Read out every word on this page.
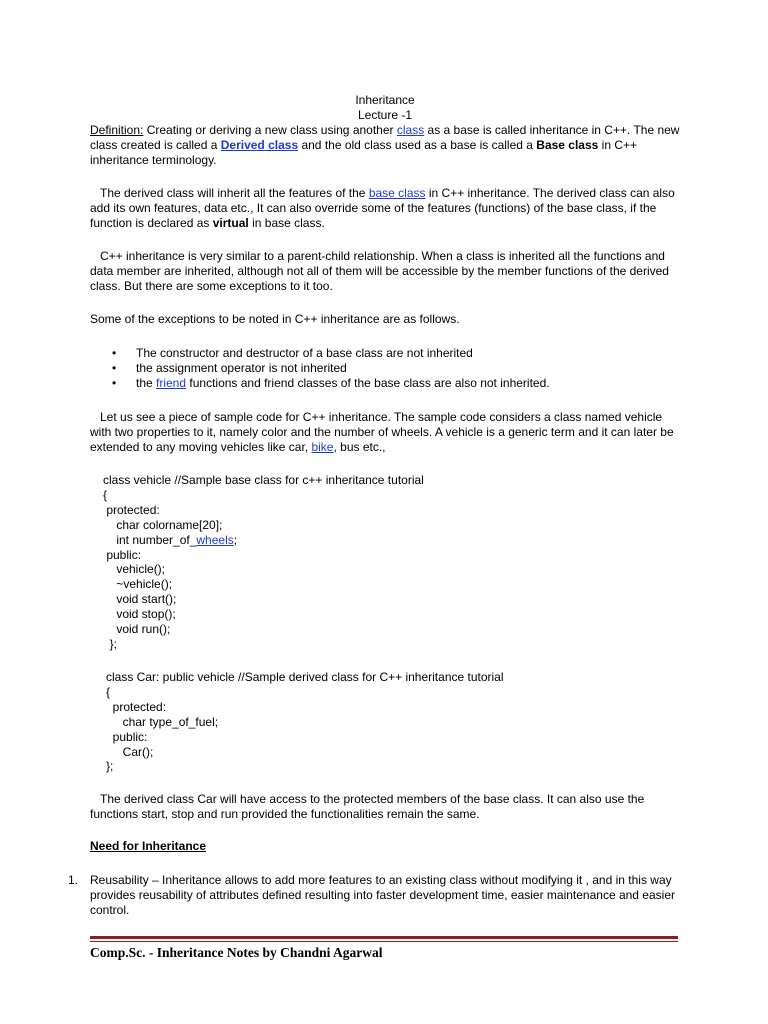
Inheritance
Lecture -1

Definition: Creating or deriving a new class using another class as a base is called inheritance in C++. The new class created is called a Derived class and the old class used as a base is called a Base class in C++ inheritance terminology.

The derived class will inherit all the features of the base class in C++ inheritance. The derived class can also add its own features, data etc., It can also override some of the features (functions) of the base class, if the function is declared as virtual in base class.

C++ inheritance is very similar to a parent-child relationship. When a class is inherited all the functions and data member are inherited, although not all of them will be accessible by the member functions of the derived class. But there are some exceptions to it too.

Some of the exceptions to be noted in C++ inheritance are as follows.

• The constructor and destructor of a base class are not inherited
• the assignment operator is not inherited
• the friend functions and friend classes of the base class are also not inherited.

Let us see a piece of sample code for C++ inheritance. The sample code considers a class named vehicle with two properties to it, namely color and the number of wheels. A vehicle is a generic term and it can later be extended to any moving vehicles like car, bike, bus etc.,

class vehicle //Sample base class for c++ inheritance tutorial
{
protected:
char colorname[20];
int number_of_wheels;
public:
vehicle();
~vehicle();
void start();
void stop();
void run();
};
class Car: public vehicle //Sample derived class for C++ inheritance tutorial
{
protected:
char type_of_fuel;
public:
Car();
};

The derived class Car will have access to the protected members of the base class. It can also use the functions start, stop and run provided the functionalities remain the same.

Need for Inheritance

1. Reusability – Inheritance allows to add more features to an existing class without modifying it , and in this way provides reusability of attributes defined resulting into faster development time, easier maintenance and easier control.

Comp.Sc. - Inheritance Notes by Chandni Agarwal
